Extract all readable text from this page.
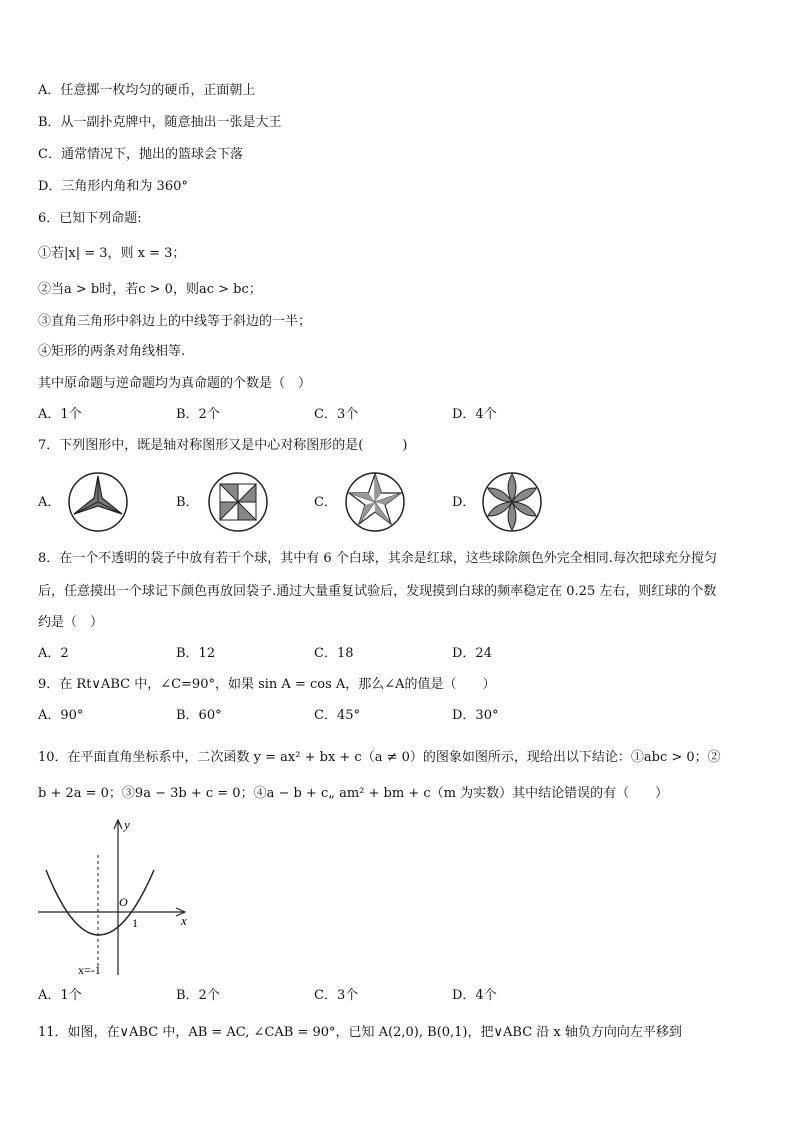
A．任意掷一枚均匀的硬币，正面朝上
B．从一副扑克牌中，随意抽出一张是大王
C．通常情况下，抛出的篮球会下落
D．三角形内角和为 360°
6．已知下列命题:
①若|x| = 3，则 x = 3；
②当a > b时，若c > 0，则ac > bc；
③直角三角形中斜边上的中线等于斜边的一半；
④矩形的两条对角线相等.
其中原命题与逆命题均为真命题的个数是（　）
A．1个	B．2个	C．3个	D．4个
7．下列图形中，既是轴对称图形又是中心对称图形的是(　　　)
A．	B．	C．	D．
8．在一个不透明的袋子中放有若干个球，其中有 6 个白球，其余是红球，这些球除颜色外完全相同.每次把球充分搅匀
后，任意摸出一个球记下颜色再放回袋子.通过大量重复试验后，发现摸到白球的频率稳定在 0.25 左右，则红球的个数
约是（　）
A．2	B．12	C．18	D．24
9．在 Rt∨ABC 中，∠C=90°，如果 sin A = cos A，那么∠A的值是（　　）
A．90°	B．60°	C．45°	D．30°
10．在平面直角坐标系中，二次函数 y = ax² + bx + c（a ≠ 0）的图象如图所示，现给出以下结论：①abc > 0；②
b + 2a = 0；③9a − 3b + c = 0；④a − b + c„ am² + bm + c（m 为实数）其中结论错误的有（　　）
y
x
O
1
x=-1
A．1个	B．2个	C．3个	D．4个
11．如图，在∨ABC 中，AB = AC, ∠CAB = 90°，已知 A(2,0), B(0,1)，把∨ABC 沿 x 轴负方向向左平移到
